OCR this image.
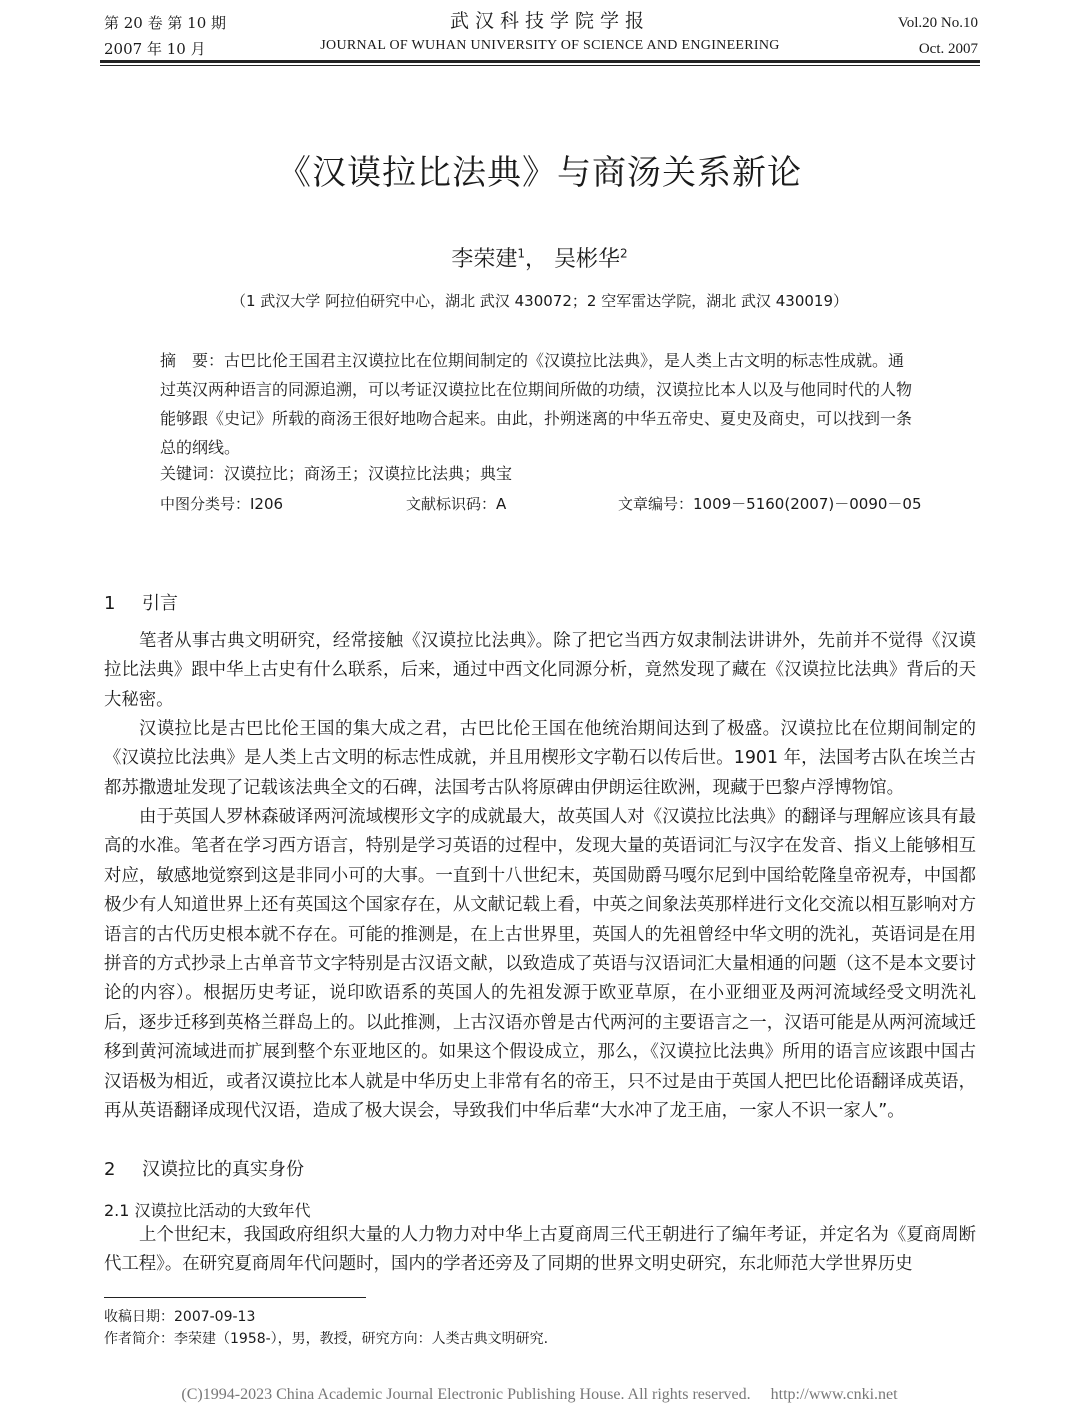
第 20 卷 第 10 期
2007 年 10 月
武汉科技学院学报
JOURNAL OF WUHAN UNIVERSITY OF SCIENCE AND ENGINEERING
Vol.20 No.10
Oct. 2007
《汉谟拉比法典》与商汤关系新论
李荣建$^1$， 吴彬华$^2$
（1 武汉大学 阿拉伯研究中心，湖北 武汉 430072；2 空军雷达学院，湖北 武汉 430019）
摘　要：古巴比伦王国君主汉谟拉比在位期间制定的《汉谟拉比法典》，是人类上古文明的标志性成就。通过英汉两种语言的同源追溯，可以考证汉谟拉比在位期间所做的功绩，汉谟拉比本人以及与他同时代的人物能够跟《史记》所载的商汤王很好地吻合起来。由此，扑朔迷离的中华五帝史、夏史及商史，可以找到一条总的纲线。
关键词：汉谟拉比；商汤王；汉谟拉比法典；典宝
中图分类号：I206	文献标识码：A	文章编号：1009－5160(2007)－0090－05
1 引言

笔者从事古典文明研究，经常接触《汉谟拉比法典》。除了把它当西方奴隶制法讲讲外，先前并不觉得《汉谟拉比法典》跟中华上古史有什么联系，后来，通过中西文化同源分析，竟然发现了藏在《汉谟拉比法典》背后的天大秘密。

汉谟拉比是古巴比伦王国的集大成之君，古巴比伦王国在他统治期间达到了极盛。汉谟拉比在位期间制定的《汉谟拉比法典》是人类上古文明的标志性成就，并且用楔形文字勒石以传后世。1901 年，法国考古队在埃兰古都苏撒遗址发现了记载该法典全文的石碑，法国考古队将原碑由伊朗运往欧洲，现藏于巴黎卢浮博物馆。

由于英国人罗林森破译两河流域楔形文字的成就最大，故英国人对《汉谟拉比法典》的翻译与理解应该具有最高的水准。笔者在学习西方语言，特别是学习英语的过程中，发现大量的英语词汇与汉字在发音、指义上能够相互对应，敏感地觉察到这是非同小可的大事。一直到十八世纪末，英国勋爵马嘎尔尼到中国给乾隆皇帝祝寿，中国都极少有人知道世界上还有英国这个国家存在，从文献记载上看，中英之间象法英那样进行文化交流以相互影响对方语言的古代历史根本就不存在。可能的推测是，在上古世界里，英国人的先祖曾经中华文明的洗礼，英语词是在用拼音的方式抄录上古单音节文字特别是古汉语文献，以致造成了英语与汉语词汇大量相通的问题（这不是本文要讨论的内容）。根据历史考证，说印欧语系的英国人的先祖发源于欧亚草原，在小亚细亚及两河流域经受文明洗礼后，逐步迁移到英格兰群岛上的。以此推测，上古汉语亦曾是古代两河的主要语言之一，汉语可能是从两河流域迁移到黄河流域进而扩展到整个东亚地区的。如果这个假设成立，那么，《汉谟拉比法典》所用的语言应该跟中国古汉语极为相近，或者汉谟拉比本人就是中华历史上非常有名的帝王，只不过是由于英国人把巴比伦语翻译成英语，再从英语翻译成现代汉语，造成了极大误会，导致我们中华后辈“大水冲了龙王庙，一家人不识一家人”。

2 汉谟拉比的真实身份
2.1 汉谟拉比活动的大致年代

上个世纪末，我国政府组织大量的人力物力对中华上古夏商周三代王朝进行了编年考证，并定名为《夏商周断代工程》。在研究夏商周年代问题时，国内的学者还旁及了同期的世界文明史研究，东北师范大学世界历史

收稿日期：2007-09-13
作者简介：李荣建（1958-），男，教授，研究方向：人类古典文明研究.
(C)1994-2023 China Academic Journal Electronic Publishing House. All rights reserved.　 http://www.cnki.net
